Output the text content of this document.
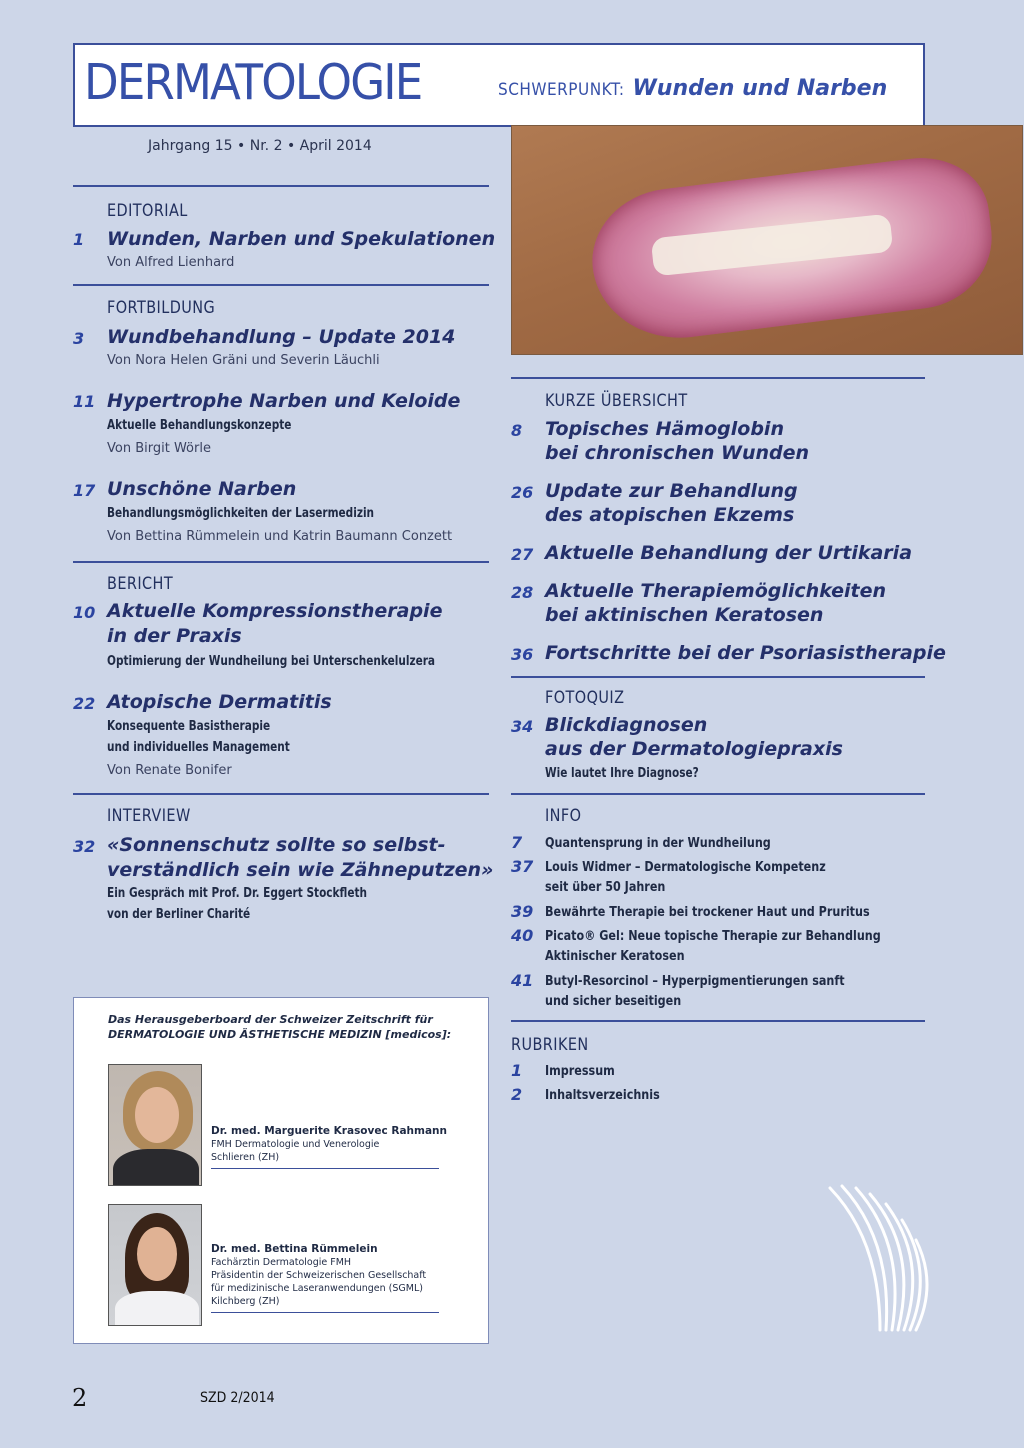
DERMATOLOGIE	SCHWERPUNKT: Wunden und Narben
Jahrgang 15 • Nr. 2 • April 2014
EDITORIAL
1 Wunden, Narben und Spekulationen
Von Alfred Lienhard
FORTBILDUNG
3 Wundbehandlung – Update 2014
Von Nora Helen Gräni und Severin Läuchli
11 Hypertrophe Narben und Keloide
Aktuelle Behandlungskonzepte
Von Birgit Wörle
17 Unschöne Narben
Behandlungsmöglichkeiten der Lasermedizin
Von Bettina Rümmelein und Katrin Baumann Conzett
BERICHT
10 Aktuelle Kompressionstherapie
in der Praxis
Optimierung der Wundheilung bei Unterschenkelulzera
22 Atopische Dermatitis
Konsequente Basistherapie
und individuelles Management
Von Renate Bonifer
INTERVIEW
32 «Sonnenschutz sollte so selbst-
verständlich sein wie Zähneputzen»
Ein Gespräch mit Prof. Dr. Eggert Stockfleth
von der Berliner Charité
KURZE ÜBERSICHT
8 Topisches Hämoglobin
bei chronischen Wunden
26 Update zur Behandlung
des atopischen Ekzems
27 Aktuelle Behandlung der Urtikaria
28 Aktuelle Therapiemöglichkeiten
bei aktinischen Keratosen
36 Fortschritte bei der Psoriasistherapie
FOTOQUIZ
34 Blickdiagnosen
aus der Dermatologiepraxis
Wie lautet Ihre Diagnose?
INFO
7 Quantensprung in der Wundheilung
37 Louis Widmer – Dermatologische Kompetenz
seit über 50 Jahren
39 Bewährte Therapie bei trockener Haut und Pruritus
40 Picato® Gel: Neue topische Therapie zur Behandlung
Aktinischer Keratosen
41 Butyl-Resorcinol – Hyperpigmentierungen sanft
und sicher beseitigen
RUBRIKEN
1 Impressum
2 Inhaltsverzeichnis
Das Herausgeberboard der Schweizer Zeitschrift für
DERMATOLOGIE UND ÄSTHETISCHE MEDIZIN [medicos]:
Dr. med. Marguerite Krasovec Rahmann
FMH Dermatologie und Venerologie
Schlieren (ZH)
Dr. med. Bettina Rümmelein
Fachärztin Dermatologie FMH
Präsidentin der Schweizerischen Gesellschaft
für medizinische Laseranwendungen (SGML)
Kilchberg (ZH)
2	SZD 2/2014
